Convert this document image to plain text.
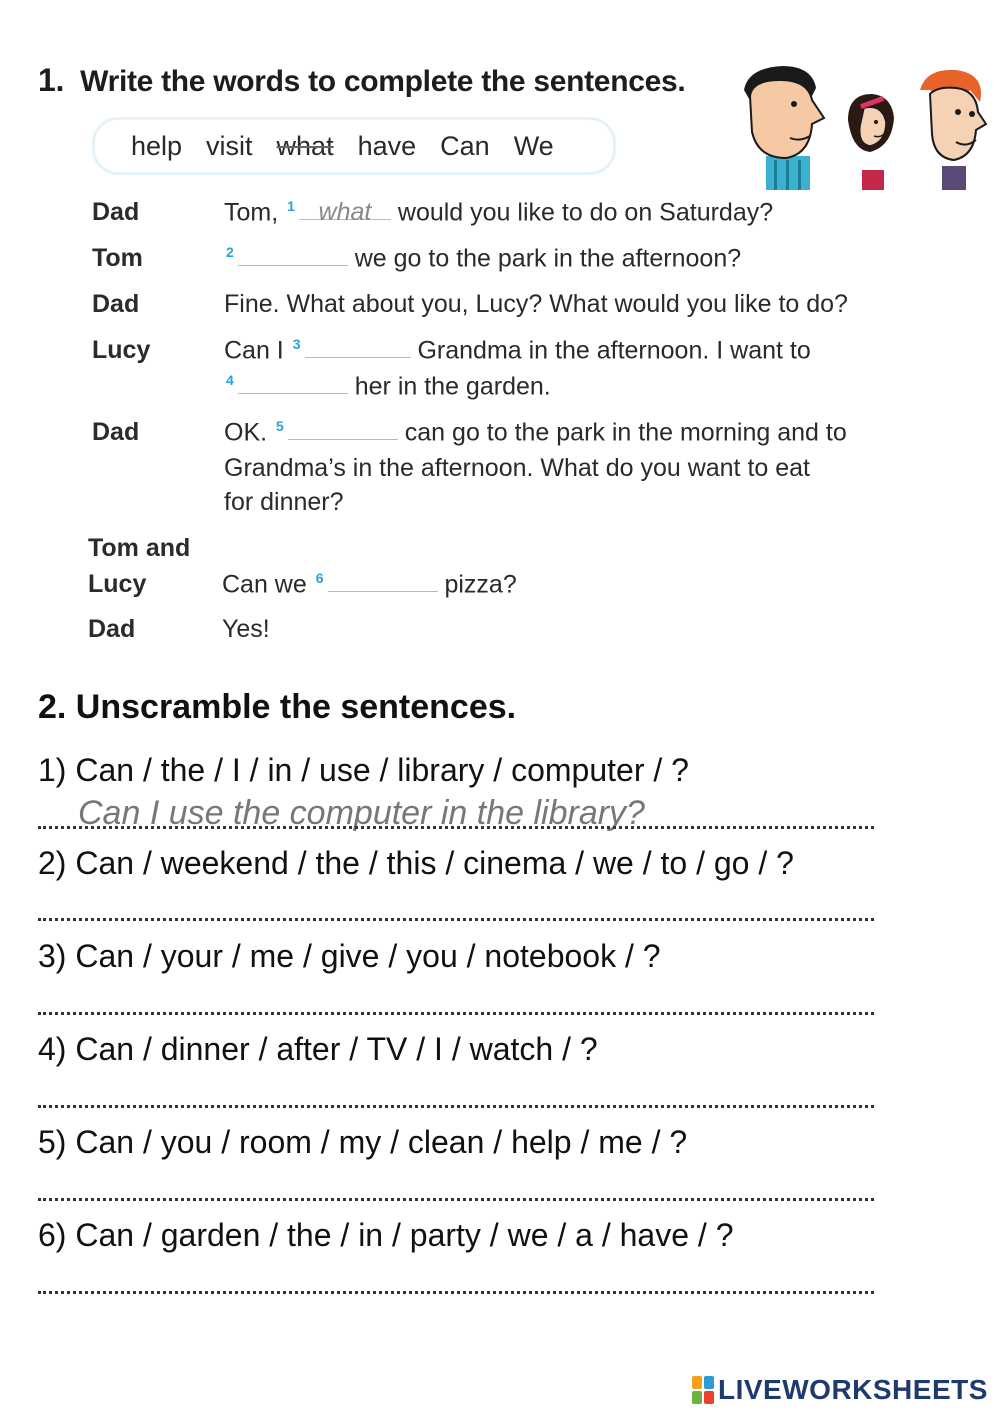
1. Write the words to complete the sentences.
help visit what have Can We
Dad	Tom, $^1$ what would you like to do on Saturday?
Tom	$^2$	we go to the park in the afternoon?
Dad	Fine. What about you, Lucy? What would you like to do?
Lucy	Can I $^3$	Grandma in the afternoon. I want to
$^4$	her in the garden.
Dad	OK. $^5$	can go to the park in the morning and to
Grandma’s in the afternoon. What do you want to eat
for dinner?
Tom and
Lucy	Can we $^6$	pizza?
Dad	Yes!
2. Unscramble the sentences.
1) Can / the / I / in / use / library / computer / ?
Can I use the computer in the library?
2) Can / weekend / the / this / cinema / we / to / go / ?
3) Can / your / me / give / you / notebook / ?
4) Can / dinner / after / TV / I / watch / ?
5) Can / you / room / my / clean / help / me / ?
6) Can / garden / the / in / party / we / a / have / ?
LIVEWORKSHEETS
